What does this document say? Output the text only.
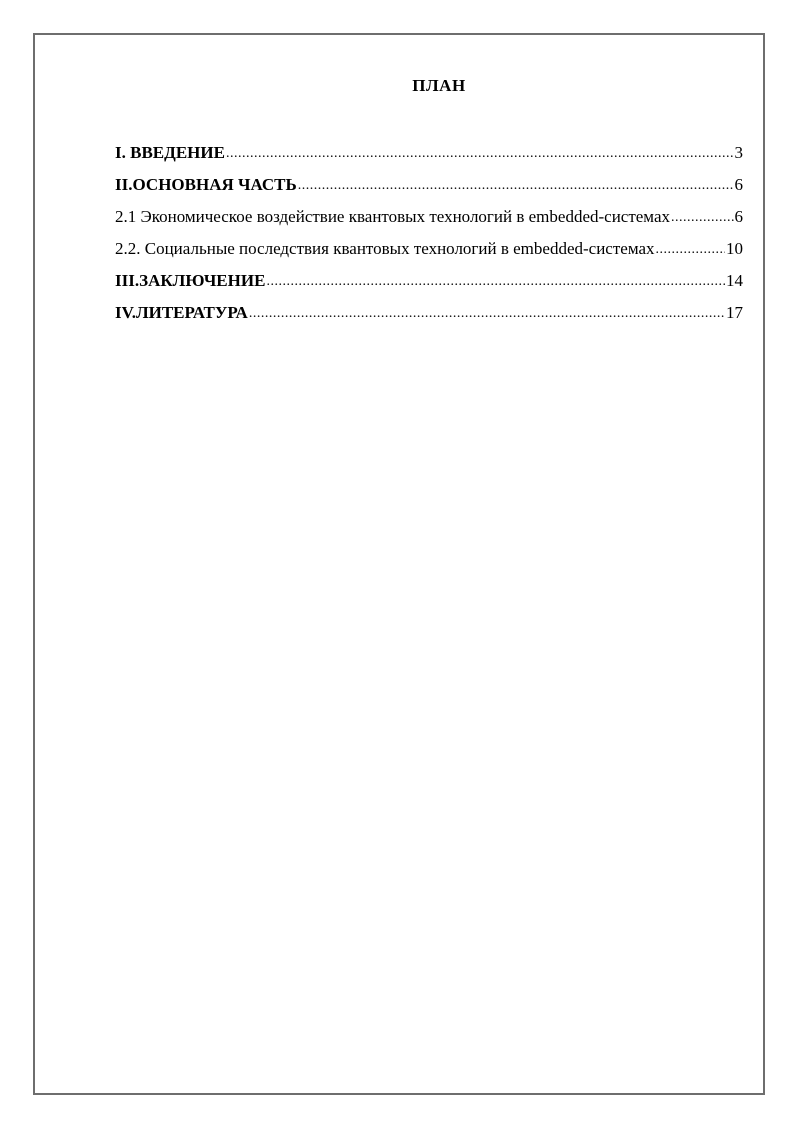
ПЛАН
I. ВВЕДЕНИЕ .....	3
II.ОСНОВНАЯ ЧАСТЬ .....	6
2.1 Экономическое воздействие квантовых технологий в embedded-системах .....	6
2.2. Социальные последствия квантовых технологий в embedded-системах .....	10
III.ЗАКЛЮЧЕНИЕ .....	14
IV.ЛИТЕРАТУРА .....	17
